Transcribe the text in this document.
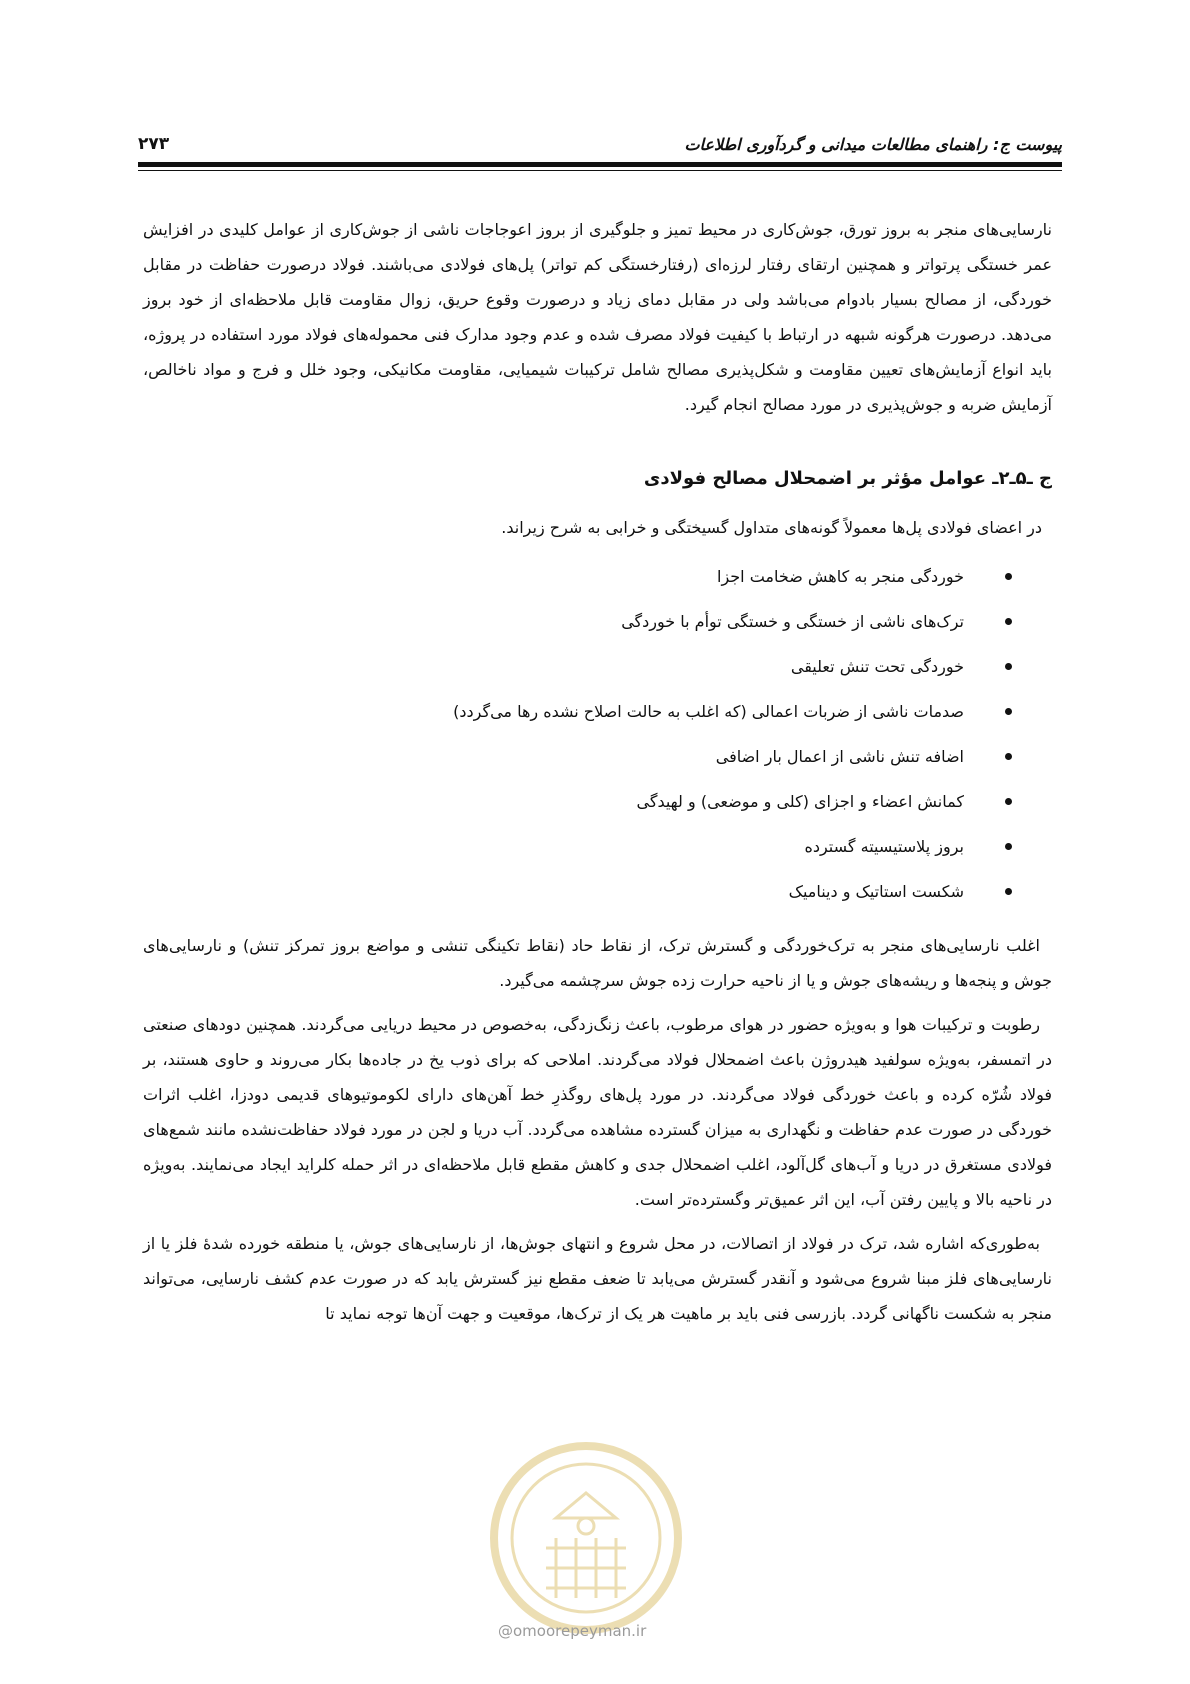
پیوست ج: راهنمای مطالعات میدانی و گردآوری اطلاعات
۲۷۳

نارسایی‌های منجر به بروز تورق، جوش‌کاری در محیط تمیز و جلوگیری از بروز اعوجاجات ناشی از جوش‌کاری از عوامل کلیدی در افزایش عمر خستگی پرتواتر و همچنین ارتقای رفتار لرزه‌ای (رفتارخستگی کم تواتر) پل‌های فولادی می‌باشند. فولاد درصورت حفاظت در مقابل خوردگی، از مصالح بسیار بادوام می‌باشد ولی در مقابل دمای زیاد و درصورت وقوع حریق، زوال مقاومت قابل ملاحظه‌ای از خود بروز می‌دهد. درصورت هرگونه شبهه در ارتباط با کیفیت فولاد مصرف شده و عدم وجود مدارک فنی محموله‌های فولاد مورد استفاده در پروژه، باید انواع آزمایش‌های تعیین مقاومت و شکل‌پذیری مصالح شامل ترکیبات شیمیایی، مقاومت مکانیکی، وجود خلل و فرج و مواد ناخالص، آزمایش ضربه و جوش‌پذیری در مورد مصالح انجام گیرد.

ج ـ۵ـ۲ـ عوامل مؤثر بر اضمحلال مصالح فولادی

در اعضای فولادی پل‌ها معمولاً گونه‌های متداول گسیختگی و خرابی به شرح زیراند.

خوردگی منجر به کاهش ضخامت اجزا
ترک‌های ناشی از خستگی و خستگی توأم با خوردگی
خوردگی تحت تنش تعلیقی
صدمات ناشی از ضربات اعمالی (که اغلب به حالت اصلاح نشده رها می‌گردد)
اضافه تنش ناشی از اعمال بار اضافی
کمانش اعضاء و اجزای (کلی و موضعی) و لهیدگی
بروز پلاستیسیته گسترده
شکست استاتیک و دینامیک

اغلب نارسایی‌های منجر به ترک‌خوردگی و گسترش ترک، از نقاط حاد (نقاط تکینگی تنشی و مواضع بروز تمرکز تنش) و نارسایی‌های جوش و پنجه‌ها و ریشه‌های جوش و یا از ناحیه حرارت زده جوش سرچشمه می‌گیرد.

رطوبت و ترکیبات هوا و به‌ویژه حضور در هوای مرطوب، باعث زنگ‌زدگی، به‌خصوص در محیط دریایی می‌گردند. همچنین دودهای صنعتی در اتمسفر، به‌ویژه سولفید هیدروژن باعث اضمحلال فولاد می‌گردند. املاحی که برای ذوب یخ در جاده‌ها بکار می‌روند و حاوی هستند، بر فولاد شُرّه کرده و باعث خوردگی فولاد می‌گردند. در مورد پل‌های روگذرِ خط آهن‌های دارای لکوموتیوهای قدیمی دودزا، اغلب اثرات خوردگی در صورت عدم حفاظت و نگهداری به میزان گسترده مشاهده می‌گردد. آب دریا و لجن در مورد فولاد حفاظت‌نشده مانند شمع‌های فولادی مستغرق در دریا و آب‌های گل‌آلود، اغلب اضمحلال جدی و کاهش مقطع قابل ملاحظه‌ای در اثر حمله کلراید ایجاد می‌نمایند. به‌ویژه در ناحیه بالا و پایین رفتن آب، این اثر عمیق‌تر وگسترده‌تر است.

به‌طوری‌که اشاره شد، ترک در فولاد از اتصالات، در محل شروع و انتهای جوش‌ها، از نارسایی‌های جوش، یا منطقه خورده شدهٔ فلز یا از نارسایی‌های فلز مبنا شروع می‌شود و آنقدر گسترش می‌یابد تا ضعف مقطع نیز گسترش یابد که در صورت عدم کشف نارسایی، می‌تواند منجر به شکست ناگهانی گردد. بازرسی فنی باید بر ماهیت هر یک از ترک‌ها، موقعیت و جهت آن‌ها توجه نماید تا

@omoorepeyman.ir
